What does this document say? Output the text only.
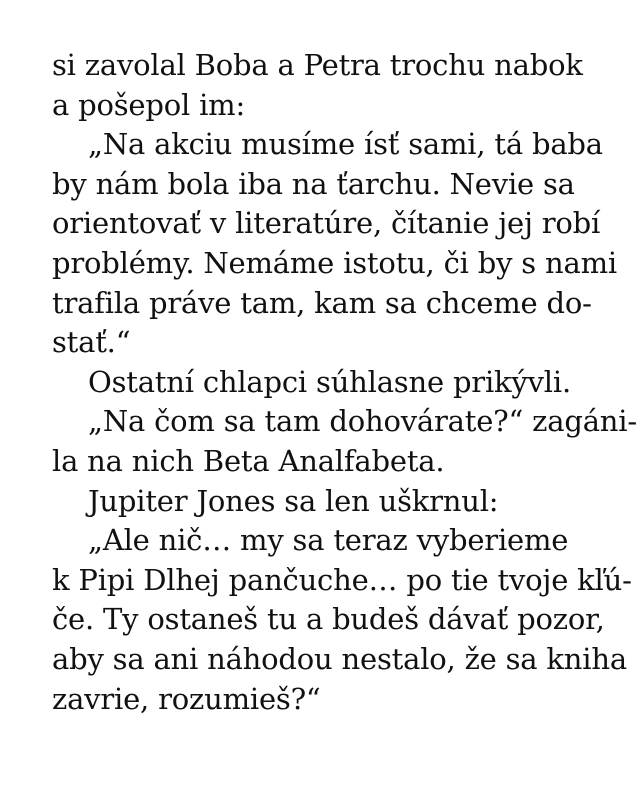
si zavolal Boba a Petra trochu nabok
a pošepol im:
„Na akciu musíme ísť sami, tá baba
by nám bola iba na ťarchu. Nevie sa
orientovať v literatúre, čítanie jej robí
problémy. Nemáme istotu, či by s nami
trafila práve tam, kam sa chceme do-
stať.“
Ostatní chlapci súhlasne prikývli.
„Na čom sa tam dohovárate?“ zagáni-
la na nich Beta Analfabeta.
Jupiter Jones sa len uškrnul:
„Ale nič… my sa teraz vyberieme
k Pipi Dlhej pančuche… po tie tvoje kľú-
če. Ty ostaneš tu a budeš dávať pozor,
aby sa ani náhodou nestalo, že sa kniha
zavrie, rozumieš?“
